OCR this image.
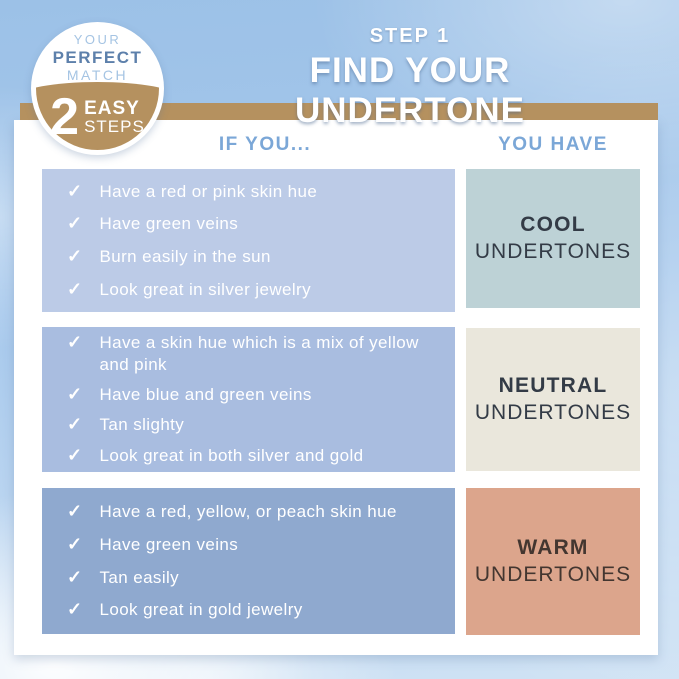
YOUR
PERFECT
MATCH
2 EASY
STEPS
STEP 1
FIND YOUR UNDERTONE
IF YOU...	YOU HAVE
✓ Have a red or pink skin hue
✓ Have green veins
✓ Burn easily in the sun
✓ Look great in silver jewelry
COOL
UNDERTONES
✓ Have a skin hue which is a mix of yellow and pink
✓ Have blue and green veins
✓ Tan slighty
✓ Look great in both silver and gold
NEUTRAL
UNDERTONES
✓ Have a red, yellow, or peach skin hue
✓ Have green veins
✓ Tan easily
✓ Look great in gold jewelry
WARM
UNDERTONES
